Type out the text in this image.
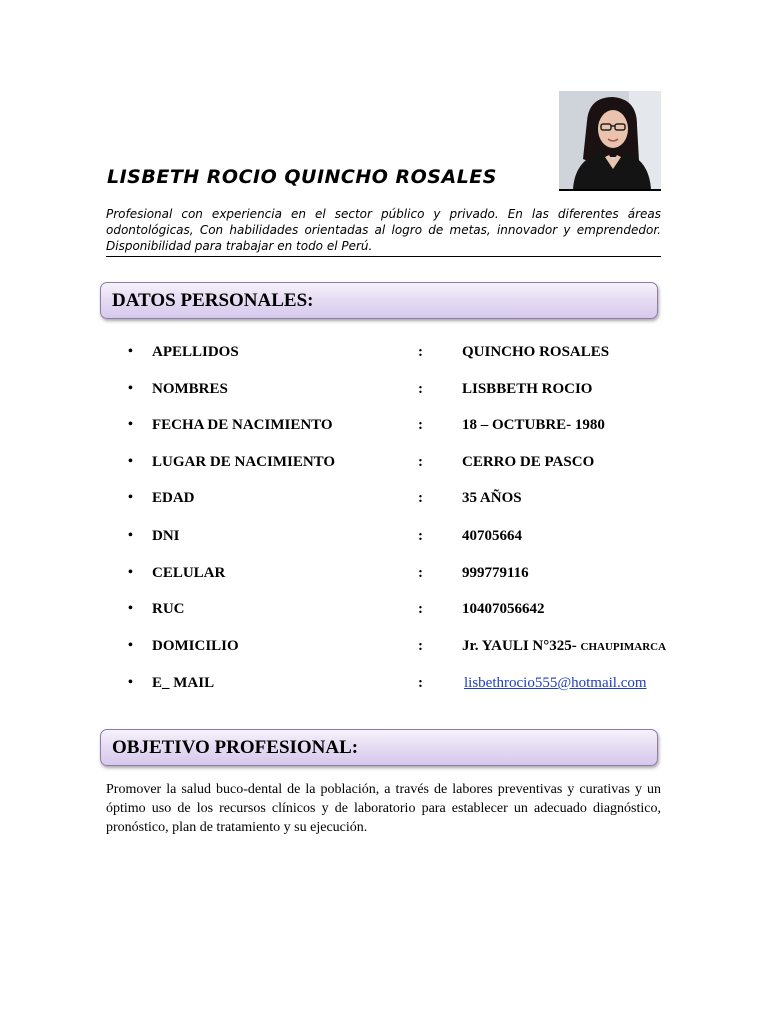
LISBETH ROCIO QUINCHO ROSALES

Profesional con experiencia en el sector público y privado. En las diferentes áreas odontológicas, Con habilidades orientadas al logro de metas, innovador y emprendedor. Disponibilidad para trabajar en todo el Perú.

DATOS PERSONALES:
• APELLIDOS	:	QUINCHO ROSALES
• NOMBRES	:	LISBBETH ROCIO
• FECHA DE NACIMIENTO	:	18 – OCTUBRE- 1980
• LUGAR DE NACIMIENTO	:	CERRO DE PASCO
• EDAD	:	35 AÑOS
• DNI	:	40705664
• CELULAR	:	999779116
• RUC	:	10407056642
• DOMICILIO	:	Jr. YAULI N°325- CHAUPIMARCA
• E_ MAIL	:	lisbethrocio555@hotmail.com
OBJETIVO PROFESIONAL:

Promover la salud buco-dental de la población, a través de labores preventivas y curativas y un óptimo uso de los recursos clínicos y de laboratorio para establecer un adecuado diagnóstico, pronóstico, plan de tratamiento y su ejecución.
